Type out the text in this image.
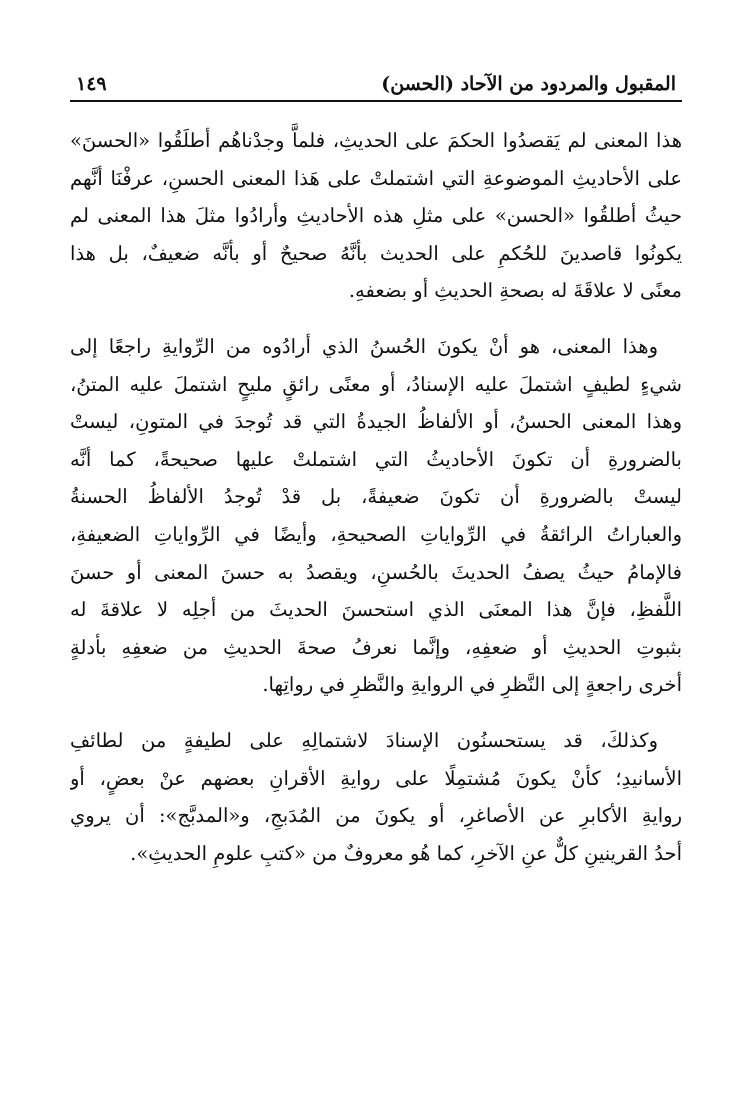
المقبول والمردود من الآحاد (الحسن)
١٤٩
هذا المعنى لم يَقصدُوا الحكمَ على الحديثِ، فلماَّ وجدْناهُم أطلَقُوا «الحسنَ»
على الأحاديثِ الموضوعةِ التي اشتملتْ على هَذا المعنى الحسنِ، عرفْنَا أنَّهم
حيثُ أطلقُوا «الحسن» على مثلِ هذه الأحاديثِ وأرادُوا مثلَ هذا المعنى لم
يكونُوا قاصدينَ للحُكمِ على الحديث بأنَّهُ صحيحٌ أو بأنَّه ضعيفٌ، بل هذا
معنًى لا علاقَةَ له بصحةِ الحديثِ أو بضعفهِ.
وهذا المعنى، هو أنْ يكونَ الحُسنُ الذي أرادُوه من الرِّوايةِ راجعًا إلى
شيءٍ لطيفٍ اشتملَ عليه الإسنادُ، أو معنًى رائقٍ مليحٍ اشتملَ عليه المتنُ،
وهذا المعنى الحسنُ، أو الألفاظُ الجيدةُ التي قد تُوجدَ في المتونِ، ليستْ
بالضرورةِ أن تكونَ الأحاديثُ التي اشتملتْ عليها صحيحةً، كما أنَّه
ليستْ بالضرورةِ أن تكونَ ضعيفةً، بل قدْ تُوجدُ الألفاظُ الحسنةُ
والعباراتُ الرائقةُ في الرِّواياتِ الصحيحةِ، وأيضًا في الرِّواياتِ الضعيفةِ،
فالإمامُ حيثُ يصفُ الحديثَ بالحُسنِ، ويقصدُ به حسنَ المعنى أو حسنَ
اللَّفظِ، فإنَّ هذا المعنَى الذي استحسنَ الحديثَ من أجلِه لا علاقةَ له
بثبوتِ الحديثِ أو ضعفِهِ، وإنَّما نعرفُ صحةَ الحديثِ من ضعفِهِ بأدلةٍ
أخرى راجعةٍ إلى النَّظرِ في الروايةِ والنَّظرِ في رواتِها.
وكذلكَ، قد يستحسنُون الإسنادَ لاشتمالِهِ على لطيفةٍ من لطائفِ
الأسانيدِ؛ كأنْ يكونَ مُشتمِلًا على روايةِ الأقرانِ بعضهم عنْ بعضٍ، أو
روايةِ الأكابرِ عن الأصاغرِ، أو يكونَ من المُدَبجِ، و«المدبَّج»: أن يروي
أحدُ القرينينِ كلٌّ عنِ الآخرِ، كما هُو معروفٌ من «كتبِ علومِ الحديثِ».
